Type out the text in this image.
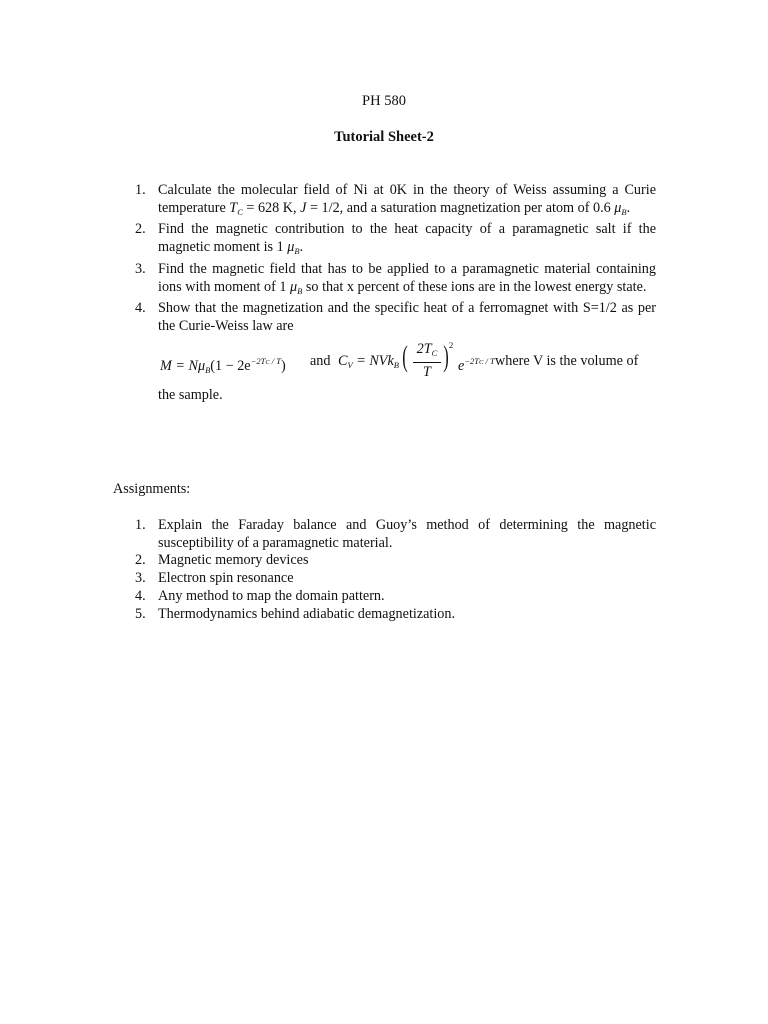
PH 580
Tutorial Sheet-2
1. Calculate the molecular field of Ni at 0K in the theory of Weiss assuming a Curie temperature $T_C = 628$ K, J = 1/2, and a saturation magnetization per atom of 0.6 $\mu_B$.
2. Find the magnetic contribution to the heat capacity of a paramagnetic salt if the magnetic moment is 1 $\mu_B$.
3. Find the magnetic field that has to be applied to a paramagnetic material containing ions with moment of 1 $\mu_B$ so that x percent of these ions are in the lowest energy state.
4. Show that the magnetization and the specific heat of a ferromagnet with S=1/2 as per the Curie-Weiss law are
$M = N\mu_B(1 - 2e^{-2TC / T})$ and $C_V = NVk_B$ ( $\frac{2T_C}{T}$ ) 2
$e^{-2TC / T}$ where V is the volume of
the sample.
Assignments:
1. Explain the Faraday balance and Guoy’s method of determining the magnetic susceptibility of a paramagnetic material.
2. Magnetic memory devices
3. Electron spin resonance
4. Any method to map the domain pattern.
5. Thermodynamics behind adiabatic demagnetization.
